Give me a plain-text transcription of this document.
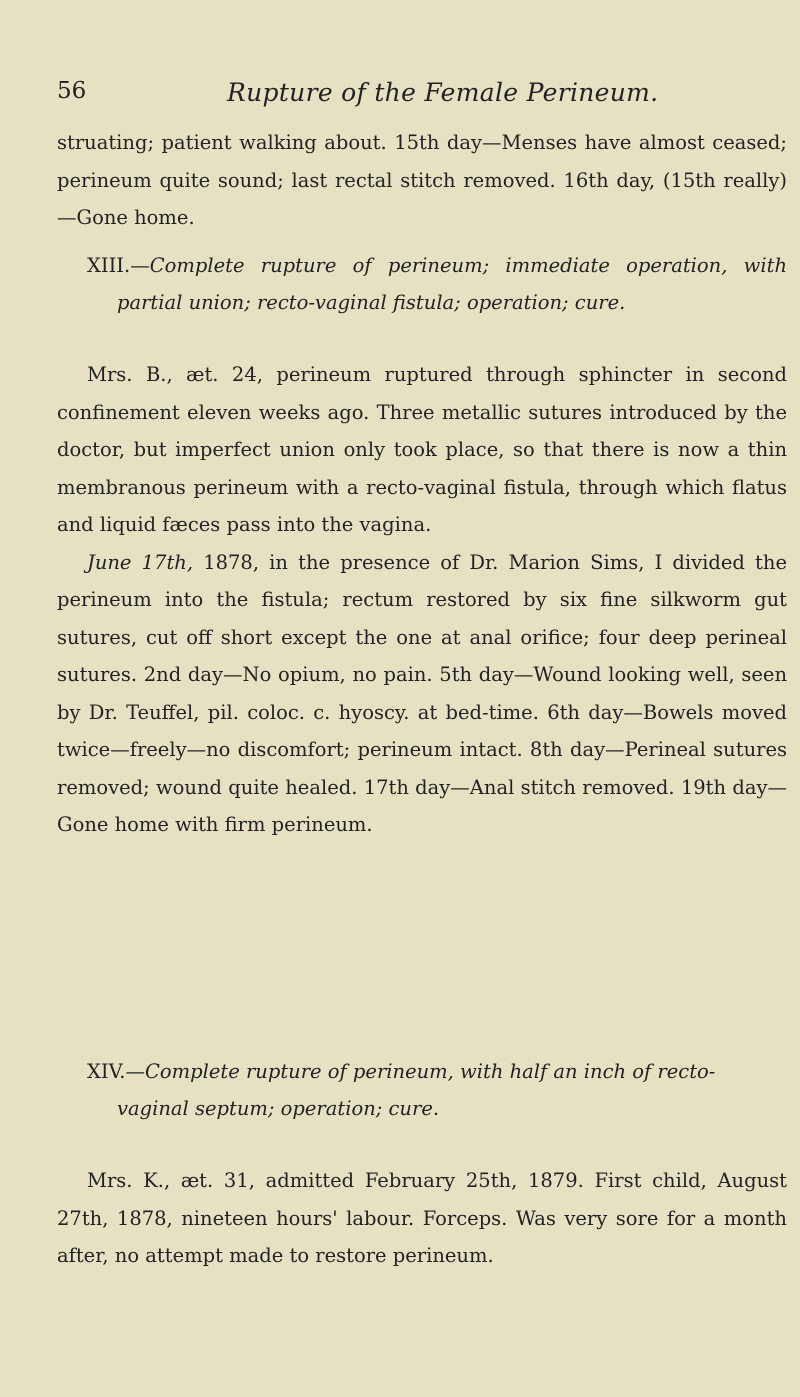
56	Rupture of the Female Perineum.

struating; patient walking about. 15th day—Menses have almost ceased; perineum quite sound; last rectal stitch removed. 16th day, (15th really)—Gone home.

XIII.—Complete rupture of perineum; immediate operation, with partial union; recto-vaginal fistula; operation; cure.

Mrs. B., æt. 24, perineum ruptured through sphincter in second confinement eleven weeks ago. Three metallic sutures introduced by the doctor, but imperfect union only took place, so that there is now a thin membranous perineum with a recto-vaginal fistula, through which flatus and liquid fæces pass into the vagina.

June 17th, 1878, in the presence of Dr. Marion Sims, I divided the perineum into the fistula; rectum restored by six fine silkworm gut sutures, cut off short except the one at anal orifice; four deep perineal sutures. 2nd day—No opium, no pain. 5th day—Wound looking well, seen by Dr. Teuffel, pil. coloc. c. hyoscy. at bed-time. 6th day—Bowels moved twice—freely—no discomfort; perineum intact. 8th day—Perineal sutures removed; wound quite healed. 17th day—Anal stitch removed. 19th day—Gone home with firm perineum.

XIV.—Complete rupture of perineum, with half an inch of recto-vaginal septum; operation; cure.

Mrs. K., æt. 31, admitted February 25th, 1879. First child, August 27th, 1878, nineteen hours' labour. Forceps. Was very sore for a month after, no attempt made to restore perineum.
